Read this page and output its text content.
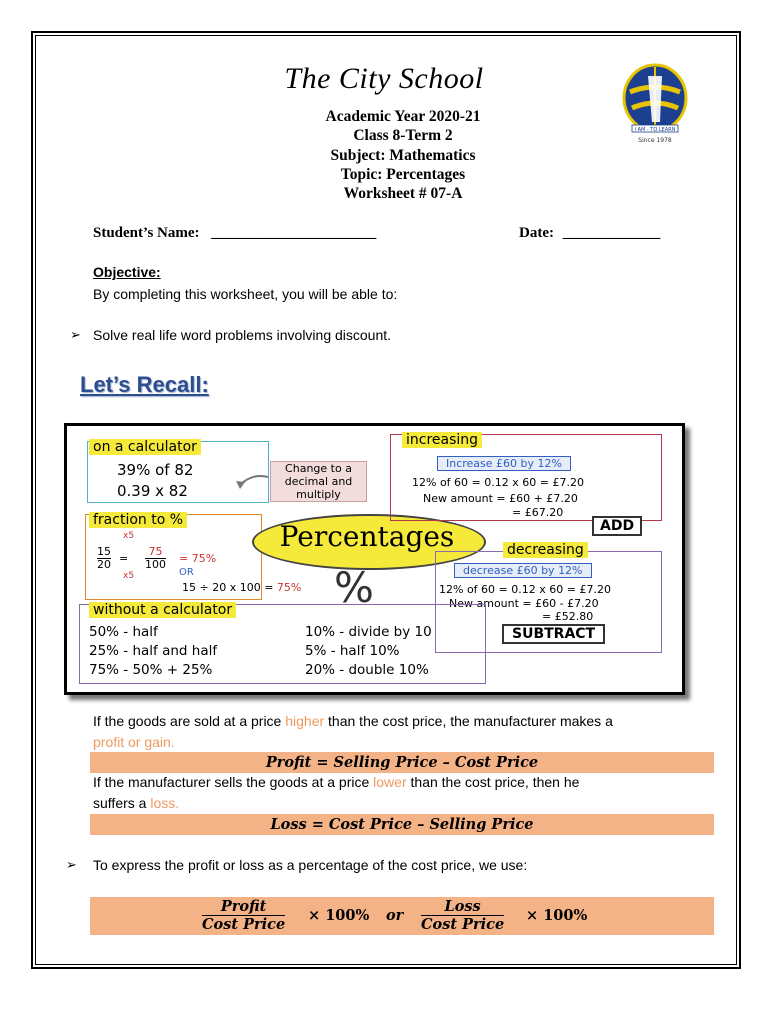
The City School
I AM - TO LEARN
Since 1978
Academic Year 2020-21
Class 8-Term 2
Subject: Mathematics
Topic: Percentages
Worksheet # 07-A
Student’s Name: ______________________	Date: _____________
Objective:
By completing this worksheet, you will be able to:
➢ Solve real life word problems involving discount.
Let’s Recall:
on a calculator
39% of 82
0.39 x 82
Change to a decimal and multiply
fraction to %
x5
15
20 =
75
100 = 75%
x5	OR
15 ÷ 20 x 100 = 75%
Percentages
%
increasing
Increase £60 by 12%
12% of 60 = 0.12 x 60 = £7.20
New amount = £60 + £7.20
= £67.20
ADD
decreasing
decrease £60 by 12%
12% of 60 = 0.12 x 60 = £7.20
New amount = £60 - £7.20
= £52.80
SUBTRACT
without a calculator
50% - half
25% - half and half
75% - 50% + 25%
10% - divide by 10
5% - half 10%
20% - double 10%
If the goods are sold at a price higher than the cost price, the manufacturer makes a
profit or gain.
Profit = Selling Price – Cost Price
If the manufacturer sells the goods at a price lower than the cost price, then he
suffers a loss.
Loss = Cost Price – Selling Price
➢ To express the profit or loss as a percentage of the cost price, we use:
Profit
Cost Price
× 100% or
Loss
Cost Price
× 100%
